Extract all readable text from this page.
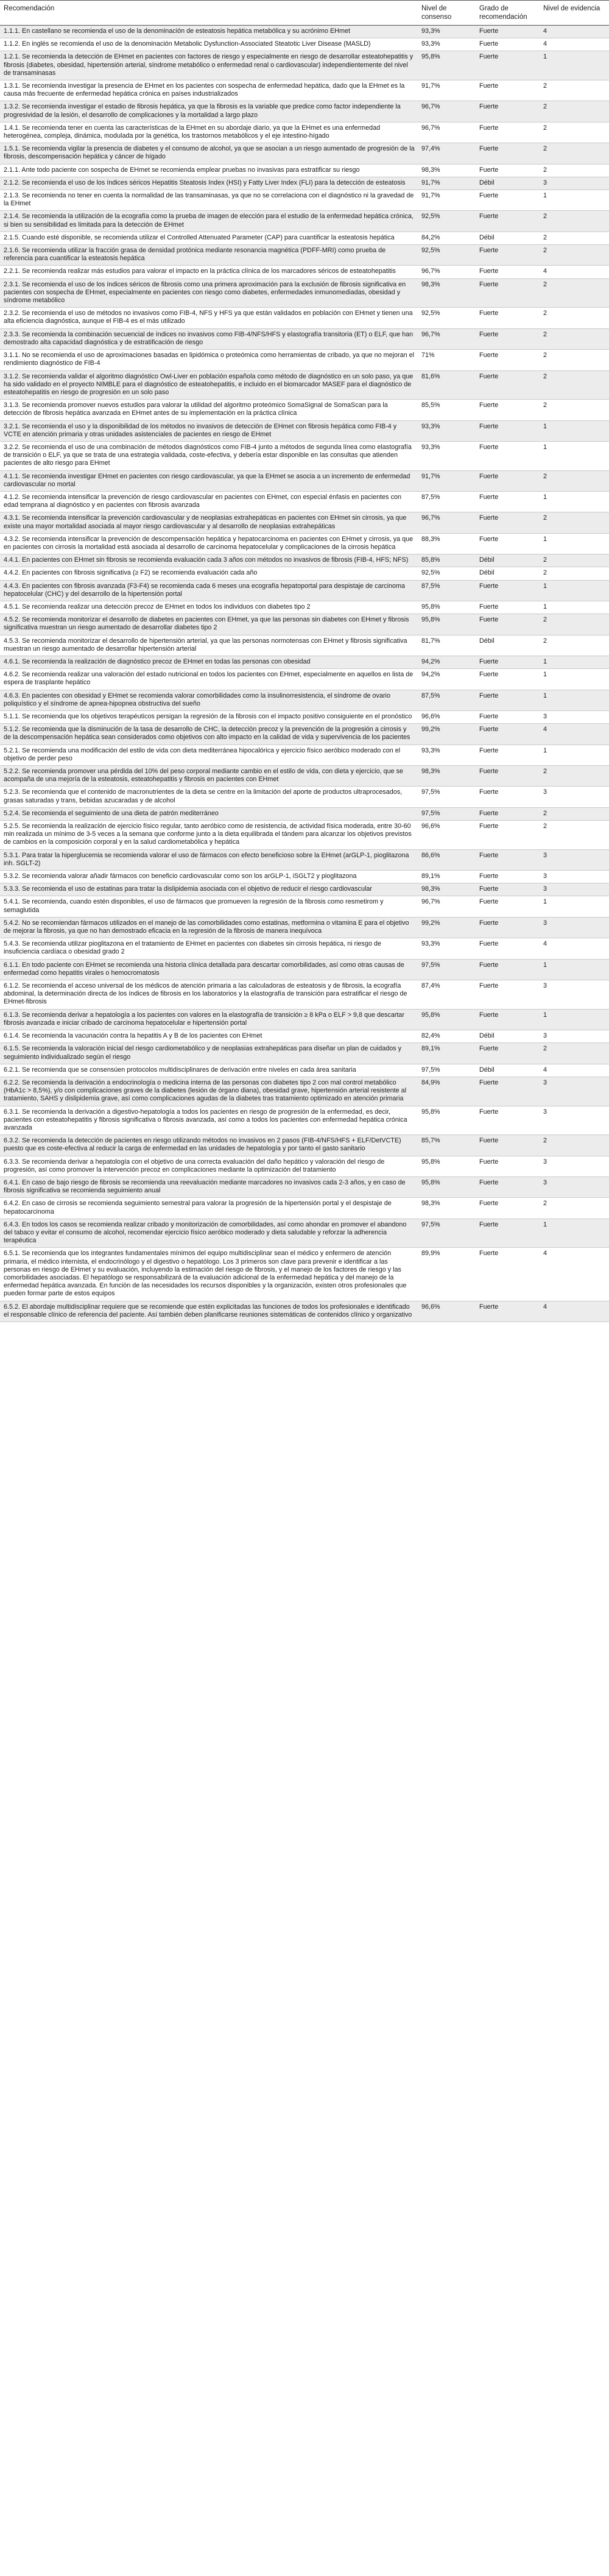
Recomendación	Nivel de consenso	Grado de recomendación	Nivel de evidencia
1.1.1. En castellano se recomienda el uso de la denominación de esteatosis hepática metabólica y su acrónimo EHmet	93,3%	Fuerte	4
1.1.2. En inglés se recomienda el uso de la denominación Metabolic Dysfunction-Associated Steatotic Liver Disease (MASLD)	93,3%	Fuerte	4
1.2.1. Se recomienda la detección de EHmet en pacientes con factores de riesgo y especialmente en riesgo de desarrollar esteatohepatitis y fibrosis (diabetes, obesidad, hipertensión arterial, síndrome metabólico o enfermedad renal o cardiovascular) independientemente del nivel de transaminasas	95,8%	Fuerte	1
1.3.1. Se recomienda investigar la presencia de EHmet en los pacientes con sospecha de enfermedad hepática, dado que la EHmet es la causa más frecuente de enfermedad hepática crónica en países industrializados	91,7%	Fuerte	2
1.3.2. Se recomienda investigar el estadio de fibrosis hepática, ya que la fibrosis es la variable que predice como factor independiente la progresividad de la lesión, el desarrollo de complicaciones y la mortalidad a largo plazo	96,7%	Fuerte	2
1.4.1. Se recomienda tener en cuenta las características de la EHmet en su abordaje diario, ya que la EHmet es una enfermedad heterogénea, compleja, dinámica, modulada por la genética, los trastornos metabólicos y el eje intestino-hígado	96,7%	Fuerte	2
1.5.1. Se recomienda vigilar la presencia de diabetes y el consumo de alcohol, ya que se asocian a un riesgo aumentado de progresión de la fibrosis, descompensación hepática y cáncer de hígado	97,4%	Fuerte	2
2.1.1. Ante todo paciente con sospecha de EHmet se recomienda emplear pruebas no invasivas para estratificar su riesgo	98,3%	Fuerte	2
2.1.2. Se recomienda el uso de los índices séricos Hepatitis Steatosis Index (HSI) y Fatty Liver Index (FLI) para la detección de esteatosis	91,7%	Débil	3
2.1.3. Se recomienda no tener en cuenta la normalidad de las transaminasas, ya que no se correlaciona con el diagnóstico ni la gravedad de la EHmet	91,7%	Fuerte	1
2.1.4. Se recomienda la utilización de la ecografía como la prueba de imagen de elección para el estudio de la enfermedad hepática crónica, si bien su sensibilidad es limitada para la detección de EHmet	92,5%	Fuerte	2
2.1.5. Cuando esté disponible, se recomienda utilizar el Controlled Attenuated Parameter (CAP) para cuantificar la esteatosis hepática	84,2%	Débil	2
2.1.6. Se recomienda utilizar la fracción grasa de densidad protónica mediante resonancia magnética (PDFF-MRI) como prueba de referencia para cuantificar la esteatosis hepática	92,5%	Fuerte	2
2.2.1. Se recomienda realizar más estudios para valorar el impacto en la práctica clínica de los marcadores séricos de esteatohepatitis	96,7%	Fuerte	4
2.3.1. Se recomienda el uso de los índices séricos de fibrosis como una primera aproximación para la exclusión de fibrosis significativa en pacientes con sospecha de EHmet, especialmente en pacientes con riesgo como diabetes, enfermedades inmunomediadas, obesidad y síndrome metabólico	98,3%	Fuerte	2
2.3.2. Se recomienda el uso de métodos no invasivos como FIB-4, NFS y HFS ya que están validados en población con EHmet y tienen una alta eficiencia diagnóstica, aunque el FIB-4 es el más utilizado	92,5%	Fuerte	2
2.3.3. Se recomienda la combinación secuencial de índices no invasivos como FIB-4/NFS/HFS y elastografía transitoria (ET) o ELF, que han demostrado alta capacidad diagnóstica y de estratificación de riesgo	96,7%	Fuerte	2
3.1.1. No se recomienda el uso de aproximaciones basadas en lipidómica o proteómica como herramientas de cribado, ya que no mejoran el rendimiento diagnóstico de FIB-4	71%	Fuerte	2
3.1.2. Se recomienda validar el algoritmo diagnóstico Owl-Liver en población española como método de diagnóstico en un solo paso, ya que ha sido validado en el proyecto NIMBLE para el diagnóstico de esteatohepatitis, e incluido en el biomarcador MASEF para el diagnóstico de esteatohepatitis en riesgo de progresión en un solo paso	81,6%	Fuerte	2
3.1.3. Se recomienda promover nuevos estudios para valorar la utilidad del algoritmo proteómico SomaSignal de SomaScan para la detección de fibrosis hepática avanzada en EHmet antes de su implementación en la práctica clínica	85,5%	Fuerte	2
3.2.1. Se recomienda el uso y la disponibilidad de los métodos no invasivos de detección de EHmet con fibrosis hepática como FIB-4 y VCTE en atención primaria y otras unidades asistenciales de pacientes en riesgo de EHmet	93,3%	Fuerte	1
3.2.2. Se recomienda el uso de una combinación de métodos diagnósticos como FIB-4 junto a métodos de segunda línea como elastografía de transición o ELF, ya que se trata de una estrategia validada, coste-efectiva, y debería estar disponible en las consultas que atienden pacientes de alto riesgo para EHmet	93,3%	Fuerte	1
4.1.1. Se recomienda investigar EHmet en pacientes con riesgo cardiovascular, ya que la EHmet se asocia a un incremento de enfermedad cardiovascular no mortal	91,7%	Fuerte	2
4.1.2. Se recomienda intensificar la prevención de riesgo cardiovascular en pacientes con EHmet, con especial énfasis en pacientes con edad temprana al diagnóstico y en pacientes con fibrosis avanzada	87,5%	Fuerte	1
4.3.1. Se recomienda intensificar la prevención cardiovascular y de neoplasias extrahepáticas en pacientes con EHmet sin cirrosis, ya que existe una mayor mortalidad asociada al mayor riesgo cardiovascular y al desarrollo de neoplasias extrahepáticas	96,7%	Fuerte	2
4.3.2. Se recomienda intensificar la prevención de descompensación hepática y hepatocarcinoma en pacientes con EHmet y cirrosis, ya que en pacientes con cirrosis la mortalidad está asociada al desarrollo de carcinoma hepatocelular y complicaciones de la cirrosis hepática	88,3%	Fuerte	1
4.4.1. En pacientes con EHmet sin fibrosis se recomienda evaluación cada 3 años con métodos no invasivos de fibrosis (FIB-4, HFS; NFS)	85,8%	Débil	2
4.4.2. En pacientes con fibrosis significativa (≥ F2) se recomienda evaluación cada año	92,5%	Débil	2
4.4.3. En pacientes con fibrosis avanzada (F3-F4) se recomienda cada 6 meses una ecografía hepatoportal para despistaje de carcinoma hepatocelular (CHC) y del desarrollo de la hipertensión portal	87,5%	Fuerte	1
4.5.1. Se recomienda realizar una detección precoz de EHmet en todos los individuos con diabetes tipo 2	95,8%	Fuerte	1
4.5.2. Se recomienda monitorizar el desarrollo de diabetes en pacientes con EHmet, ya que las personas sin diabetes con EHmet y fibrosis significativa muestran un riesgo aumentado de desarrollar diabetes tipo 2	95,8%	Fuerte	2
4.5.3. Se recomienda monitorizar el desarrollo de hipertensión arterial, ya que las personas normotensas con EHmet y fibrosis significativa muestran un riesgo aumentado de desarrollar hipertensión arterial	81,7%	Débil	2
4.6.1. Se recomienda la realización de diagnóstico precoz de EHmet en todas las personas con obesidad	94,2%	Fuerte	1
4.6.2. Se recomienda realizar una valoración del estado nutricional en todos los pacientes con EHmet, especialmente en aquellos en lista de espera de trasplante hepático	94,2%	Fuerte	1
4.6.3. En pacientes con obesidad y EHmet se recomienda valorar comorbilidades como la insulinorresistencia, el síndrome de ovario poliquístico y el síndrome de apnea-hipopnea obstructiva del sueño	87,5%	Fuerte	1
5.1.1. Se recomienda que los objetivos terapéuticos persigan la regresión de la fibrosis con el impacto positivo consiguiente en el pronóstico	96,6%	Fuerte	3
5.1.2. Se recomienda que la disminución de la tasa de desarrollo de CHC, la detección precoz y la prevención de la progresión a cirrosis y de la descompensación hepática sean considerados como objetivos con alto impacto en la calidad de vida y supervivencia de los pacientes	99,2%	Fuerte	4
5.2.1. Se recomienda una modificación del estilo de vida con dieta mediterránea hipocalórica y ejercicio físico aeróbico moderado con el objetivo de perder peso	93,3%	Fuerte	1
5.2.2. Se recomienda promover una pérdida del 10% del peso corporal mediante cambio en el estilo de vida, con dieta y ejercicio, que se acompaña de una mejoría de la esteatosis, esteatohepatitis y fibrosis en pacientes con EHmet	98,3%	Fuerte	2
5.2.3. Se recomienda que el contenido de macronutrientes de la dieta se centre en la limitación del aporte de productos ultraprocesados, grasas saturadas y trans, bebidas azucaradas y de alcohol	97,5%	Fuerte	3
5.2.4. Se recomienda el seguimiento de una dieta de patrón mediterráneo	97,5%	Fuerte	2
5.2.5. Se recomienda la realización de ejercicio físico regular, tanto aeróbico como de resistencia, de actividad física moderada, entre 30-60 min realizada un mínimo de 3-5 veces a la semana que conforme junto a la dieta equilibrada el tándem para alcanzar los objetivos previstos de cambios en la composición corporal y en la salud cardiometabólica y hepática	96,6%	Fuerte	2
5.3.1. Para tratar la hiperglucemia se recomienda valorar el uso de fármacos con efecto beneficioso sobre la EHmet (arGLP-1, pioglitazona inh. SGLT-2)	86,6%	Fuerte	3
5.3.2. Se recomienda valorar añadir fármacos con beneficio cardiovascular como son los arGLP-1, iSGLT2 y pioglitazona	89,1%	Fuerte	3
5.3.3. Se recomienda el uso de estatinas para tratar la dislipidemia asociada con el objetivo de reducir el riesgo cardiovascular	98,3%	Fuerte	3
5.4.1. Se recomienda, cuando estén disponibles, el uso de fármacos que promueven la regresión de la fibrosis como resmetirom y semaglutida	96,7%	Fuerte	1
5.4.2. No se recomiendan fármacos utilizados en el manejo de las comorbilidades como estatinas, metformina o vitamina E para el objetivo de mejorar la fibrosis, ya que no han demostrado eficacia en la regresión de la fibrosis de manera inequívoca	99,2%	Fuerte	3
5.4.3. Se recomienda utilizar pioglitazona en el tratamiento de EHmet en pacientes con diabetes sin cirrosis hepática, ni riesgo de insuficiencia cardíaca o obesidad grado 2	93,3%	Fuerte	4
6.1.1. En todo paciente con EHmet se recomienda una historia clínica detallada para descartar comorbilidades, así como otras causas de enfermedad como hepatitis virales o hemocromatosis	97,5%	Fuerte	1
6.1.2. Se recomienda el acceso universal de los médicos de atención primaria a las calculadoras de esteatosis y de fibrosis, la ecografía abdominal, la determinación directa de los índices de fibrosis en los laboratorios y la elastografía de transición para estratificar el riesgo de EHmet-fibrosis	87,4%	Fuerte	3
6.1.3. Se recomienda derivar a hepatología a los pacientes con valores en la elastografía de transición ≥ 8 kPa o ELF > 9,8 que descartar fibrosis avanzada e iniciar cribado de carcinoma hepatocelular e hipertensión portal	95,8%	Fuerte	1
6.1.4. Se recomienda la vacunación contra la hepatitis A y B de los pacientes con EHmet	82,4%	Débil	3
6.1.5. Se recomienda la valoración inicial del riesgo cardiometabólico y de neoplasias extrahepáticas para diseñar un plan de cuidados y seguimiento individualizado según el riesgo	89,1%	Fuerte	2
6.2.1. Se recomienda que se consensúen protocolos multidisciplinares de derivación entre niveles en cada área sanitaria	97,5%	Débil	4
6.2.2. Se recomienda la derivación a endocrinología o medicina interna de las personas con diabetes tipo 2 con mal control metabólico (HbA1c > 8,5%), y/o con complicaciones graves de la diabetes (lesión de órgano diana), obesidad grave, hipertensión arterial resistente al tratamiento, SAHS y dislipidemia grave, así como complicaciones agudas de la diabetes tras tratamiento optimizado en atención primaria	84,9%	Fuerte	3
6.3.1. Se recomienda la derivación a digestivo-hepatología a todos los pacientes en riesgo de progresión de la enfermedad, es decir, pacientes con esteatohepatitis y fibrosis significativa o fibrosis avanzada, así como a todos los pacientes con enfermedad hepática crónica avanzada	95,8%	Fuerte	3
6.3.2. Se recomienda la detección de pacientes en riesgo utilizando métodos no invasivos en 2 pasos (FIB-4/NFS/HFS + ELF/DetVCTE) puesto que es coste-efectiva al reducir la carga de enfermedad en las unidades de hepatología y por tanto el gasto sanitario	85,7%	Fuerte	2
6.3.3. Se recomienda derivar a hepatología con el objetivo de una correcta evaluación del daño hepático y valoración del riesgo de progresión, así como promover la intervención precoz en complicaciones mediante la optimización del tratamiento	95,8%	Fuerte	3
6.4.1. En caso de bajo riesgo de fibrosis se recomienda una reevaluación mediante marcadores no invasivos cada 2-3 años, y en caso de fibrosis significativa se recomienda seguimiento anual	95,8%	Fuerte	3
6.4.2. En caso de cirrosis se recomienda seguimiento semestral para valorar la progresión de la hipertensión portal y el despistaje de hepatocarcinoma	98,3%	Fuerte	2
6.4.3. En todos los casos se recomienda realizar cribado y monitorización de comorbilidades, así como ahondar en promover el abandono del tabaco y evitar el consumo de alcohol, recomendar ejercicio físico aeróbico moderado y dieta saludable y reforzar la adherencia terapéutica	97,5%	Fuerte	1
6.5.1. Se recomienda que los integrantes fundamentales mínimos del equipo multidisciplinar sean el médico y enfermero de atención primaria, el médico internista, el endocrinólogo y el digestivo o hepatólogo. Los 3 primeros son clave para prevenir e identificar a las personas en riesgo de EHmet y su evaluación, incluyendo la estimación del riesgo de fibrosis, y el manejo de los factores de riesgo y las comorbilidades asociadas. El hepatólogo se responsabilizará de la evaluación adicional de la enfermedad hepática y del manejo de la enfermedad hepática avanzada. En función de las necesidades los recursos disponibles y la organización, existen otros profesionales que pueden formar parte de estos equipos	89,9%	Fuerte	4
6.5.2. El abordaje multidisciplinar requiere que se recomiende que estén explicitadas las funciones de todos los profesionales e identificado el responsable clínico de referencia del paciente. Así también deben planificarse reuniones sistemáticas de contenidos clínico y organizativo	96,6%	Fuerte	4
